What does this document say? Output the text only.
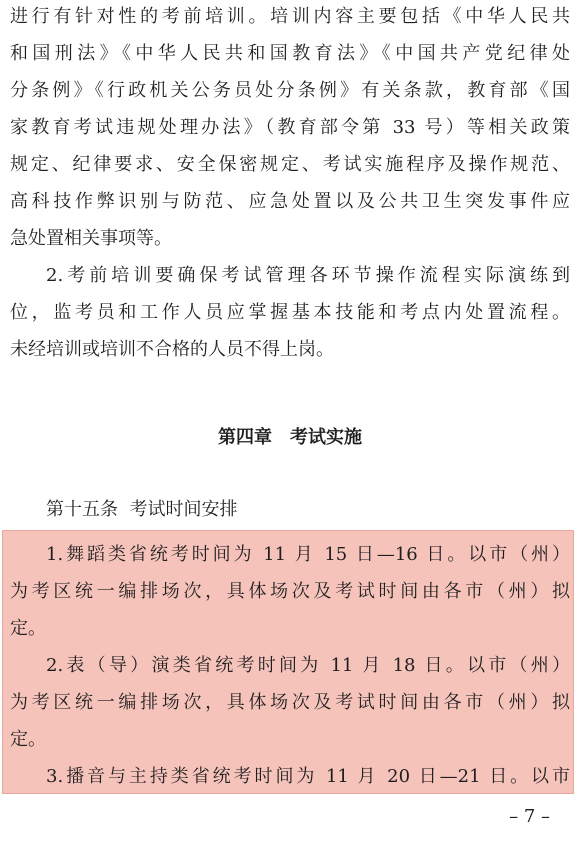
进行有针对性的考前培训。培训内容主要包括《中华人民共
和国刑法》《中华人民共和国教育法》《中国共产党纪律处
分条例》《行政机关公务员处分条例》有关条款，教育部《国
家教育考试违规处理办法》（教育部令第 33 号）等相关政策
规定、纪律要求、安全保密规定、考试实施程序及操作规范、
高科技作弊识别与防范、应急处置以及公共卫生突发事件应
急处置相关事项等。
2.考前培训要确保考试管理各环节操作流程实际演练到
位，监考员和工作人员应掌握基本技能和考点内处置流程。
未经培训或培训不合格的人员不得上岗。
第四章　考试实施
第十五条  考试时间安排
1.舞蹈类省统考时间为 11 月 15 日—16 日。以市（州）
为考区统一编排场次，具体场次及考试时间由各市（州）拟
定。
2.表（导）演类省统考时间为 11 月 18 日。以市（州）
为考区统一编排场次，具体场次及考试时间由各市（州）拟
定。
3.播音与主持类省统考时间为 11 月 20 日—21 日。以市
– 7 –
